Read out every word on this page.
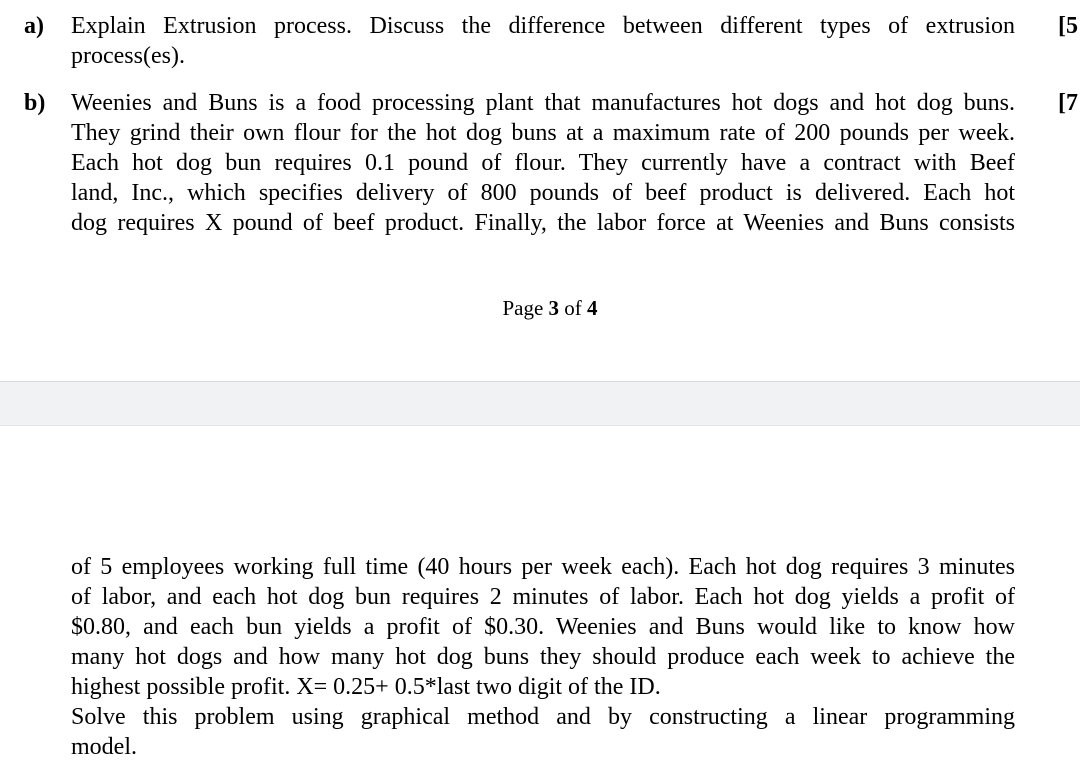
a) Explain Extrusion process. Discuss the difference between different types of extrusion
process(es).
[5
b) Weenies and Buns is a food processing plant that manufactures hot dogs and hot dog buns.
They grind their own flour for the hot dog buns at a maximum rate of 200 pounds per week.
Each hot dog bun requires 0.1 pound of flour. They currently have a contract with Beef
land, Inc., which specifies delivery of 800 pounds of beef product is delivered. Each hot
dog requires X pound of beef product. Finally, the labor force at Weenies and Buns consists
[7
Page 3 of 4
of 5 employees working full time (40 hours per week each). Each hot dog requires 3 minutes
of labor, and each hot dog bun requires 2 minutes of labor. Each hot dog yields a profit of
$0.80, and each bun yields a profit of $0.30. Weenies and Buns would like to know how
many hot dogs and how many hot dog buns they should produce each week to achieve the
highest possible profit. X= 0.25+ 0.5*last two digit of the ID.
Solve this problem using graphical method and by constructing a linear programming
model.
